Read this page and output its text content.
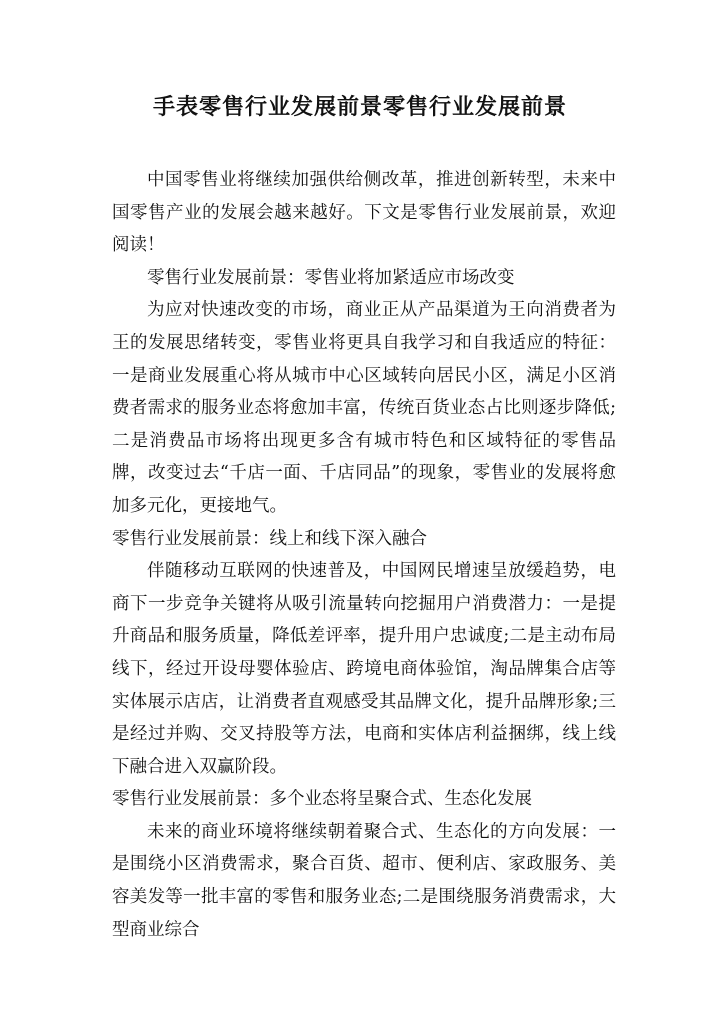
手表零售行业发展前景零售行业发展前景

中国零售业将继续加强供给侧改革，推进创新转型，未来中国零售产业的发展会越来越好。下文是零售行业发展前景，欢迎阅读！

零售行业发展前景：零售业将加紧适应市场改变

为应对快速改变的市场，商业正从产品渠道为王向消费者为王的发展思绪转变，零售业将更具自我学习和自我适应的特征：一是商业发展重心将从城市中心区域转向居民小区，满足小区消费者需求的服务业态将愈加丰富，传统百货业态占比则逐步降低;二是消费品市场将出现更多含有城市特色和区域特征的零售品牌，改变过去“千店一面、千店同品”的现象，零售业的发展将愈加多元化，更接地气。

零售行业发展前景：线上和线下深入融合

伴随移动互联网的快速普及，中国网民增速呈放缓趋势，电商下一步竞争关键将从吸引流量转向挖掘用户消费潜力：一是提升商品和服务质量，降低差评率，提升用户忠诚度;二是主动布局线下，经过开设母婴体验店、跨境电商体验馆，淘品牌集合店等实体展示店店，让消费者直观感受其品牌文化，提升品牌形象;三是经过并购、交叉持股等方法，电商和实体店利益捆绑，线上线下融合进入双赢阶段。

零售行业发展前景：多个业态将呈聚合式、生态化发展

未来的商业环境将继续朝着聚合式、生态化的方向发展：一是围绕小区消费需求，聚合百货、超市、便利店、家政服务、美容美发等一批丰富的零售和服务业态;二是围绕服务消费需求，大型商业综合
